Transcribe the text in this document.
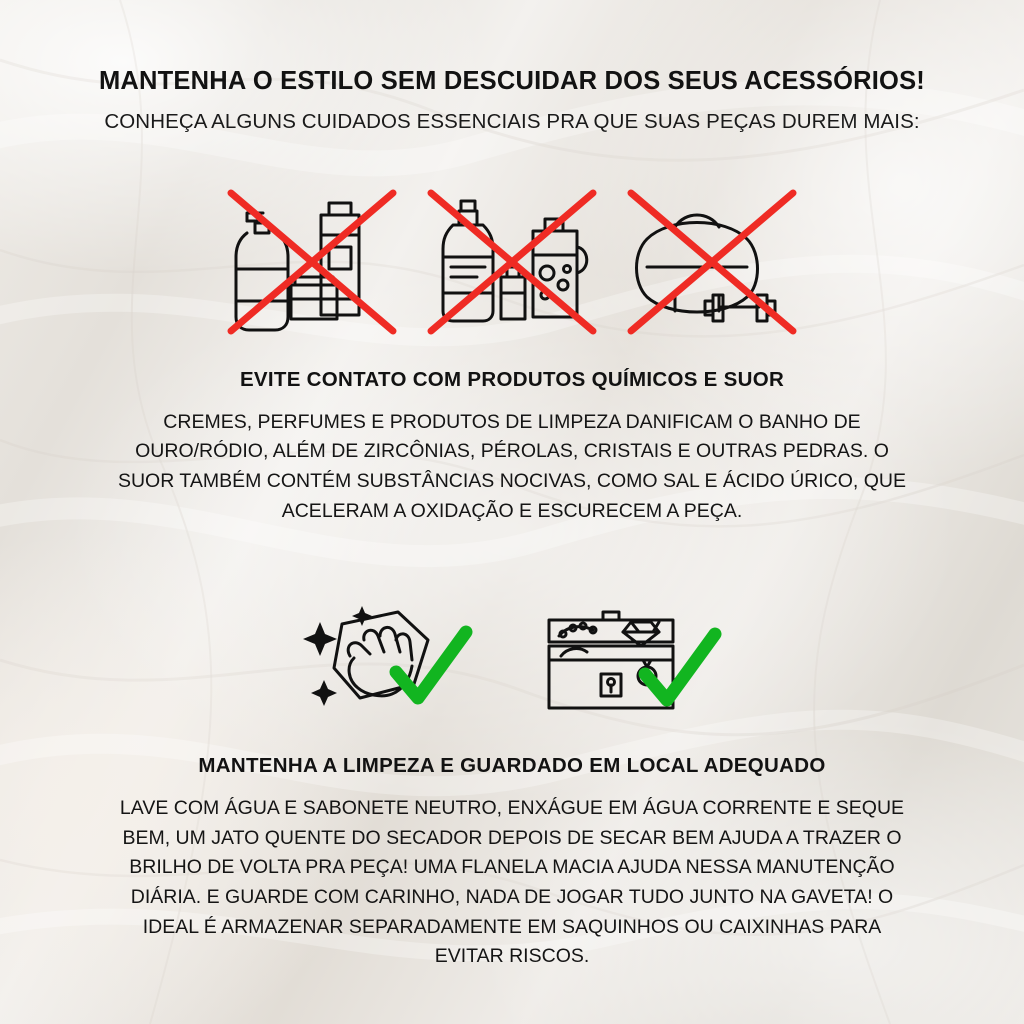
MANTENHA O ESTILO SEM DESCUIDAR DOS SEUS ACESSÓRIOS!

CONHEÇA ALGUNS CUIDADOS ESSENCIAIS PRA QUE SUAS PEÇAS DUREM MAIS:

EVITE CONTATO COM PRODUTOS QUÍMICOS E SUOR

CREMES, PERFUMES E PRODUTOS DE LIMPEZA DANIFICAM O BANHO DE OURO/RÓDIO, ALÉM DE ZIRCÔNIAS, PÉROLAS, CRISTAIS E OUTRAS PEDRAS. O SUOR TAMBÉM CONTÉM SUBSTÂNCIAS NOCIVAS, COMO SAL E ÁCIDO ÚRICO, QUE ACELERAM A OXIDAÇÃO E ESCURECEM A PEÇA.

MANTENHA A LIMPEZA E GUARDADO EM LOCAL ADEQUADO

LAVE COM ÁGUA E SABONETE NEUTRO, ENXÁGUE EM ÁGUA CORRENTE E SEQUE BEM, UM JATO QUENTE DO SECADOR DEPOIS DE SECAR BEM AJUDA A TRAZER O BRILHO DE VOLTA PRA PEÇA! UMA FLANELA MACIA AJUDA NESSA MANUTENÇÃO DIÁRIA. E GUARDE COM CARINHO, NADA DE JOGAR TUDO JUNTO NA GAVETA! O IDEAL É ARMAZENAR SEPARADAMENTE EM SAQUINHOS OU CAIXINHAS PARA EVITAR RISCOS.
